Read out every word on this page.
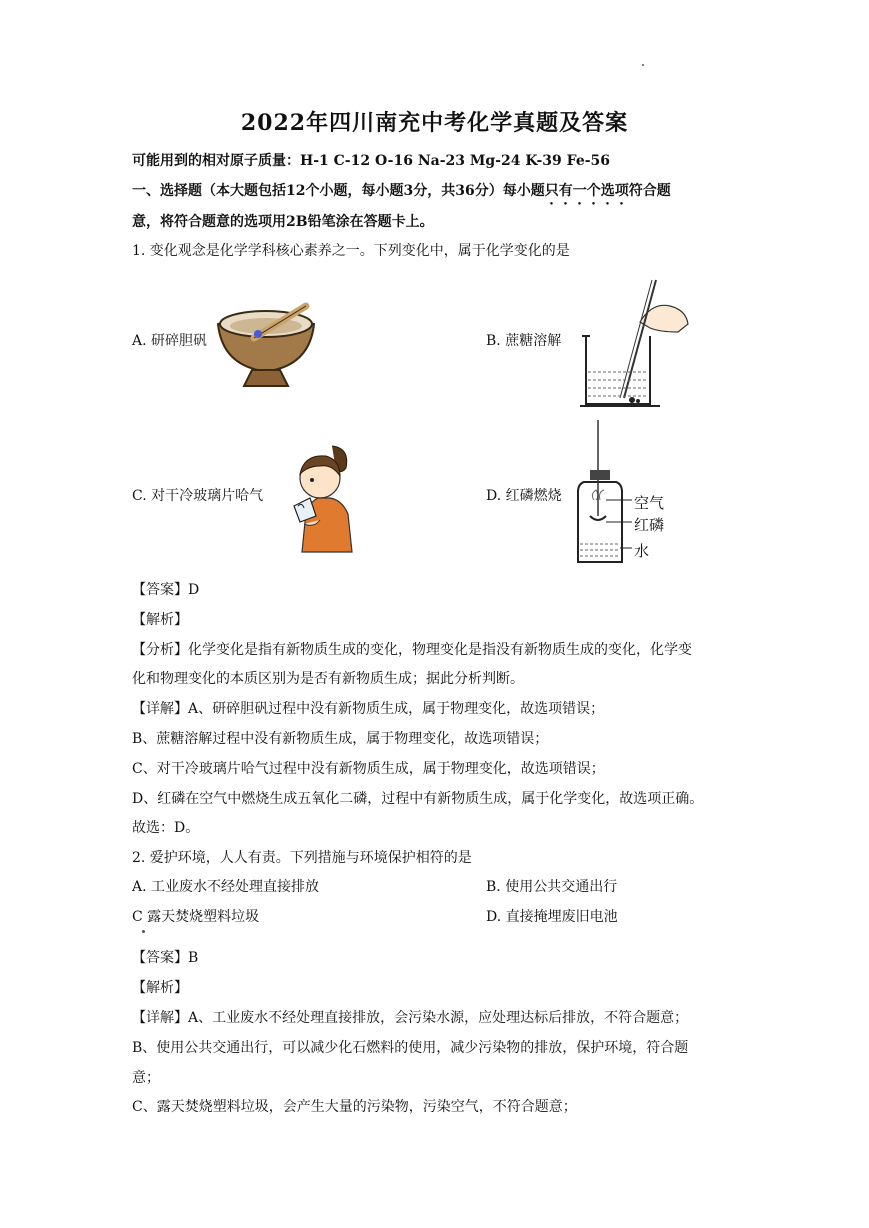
2022年四川南充中考化学真题及答案
可能用到的相对原子质量：H-1 C-12 O-16 Na-23 Mg-24 K-39 Fe-56
一、选择题（本大题包括12个小题，每小题3分，共36分）每小题只有一个选项符合题
意，将符合题意的选项用2B铅笔涂在答题卡上。
1. 变化观念是化学学科核心素养之一。下列变化中，属于化学变化的是
A. 研碎胆矾	B. 蔗糖溶解
C. 对干冷玻璃片哈气	D. 红磷燃烧	空气
红磷
水
【答案】D
【解析】
【分析】化学变化是指有新物质生成的变化，物理变化是指没有新物质生成的变化，化学变
化和物理变化的本质区别为是否有新物质生成；据此分析判断。
【详解】A、研碎胆矾过程中没有新物质生成，属于物理变化，故选项错误；
B、蔗糖溶解过程中没有新物质生成，属于物理变化，故选项错误；
C、对干冷玻璃片哈气过程中没有新物质生成，属于物理变化，故选项错误；
D、红磷在空气中燃烧生成五氧化二磷，过程中有新物质生成，属于化学变化，故选项正确。
故选：D。
2. 爱护环境，人人有责。下列措施与环境保护相符的是
A. 工业废水不经处理直接排放	B. 使用公共交通出行
C 露天焚烧塑料垃圾	D. 直接掩埋废旧电池
【答案】B
【解析】
【详解】A、工业废水不经处理直接排放，会污染水源，应处理达标后排放，不符合题意；
B、使用公共交通出行，可以减少化石燃料的使用，减少污染物的排放，保护环境，符合题
意；
C、露天焚烧塑料垃圾，会产生大量的污染物，污染空气，不符合题意；
